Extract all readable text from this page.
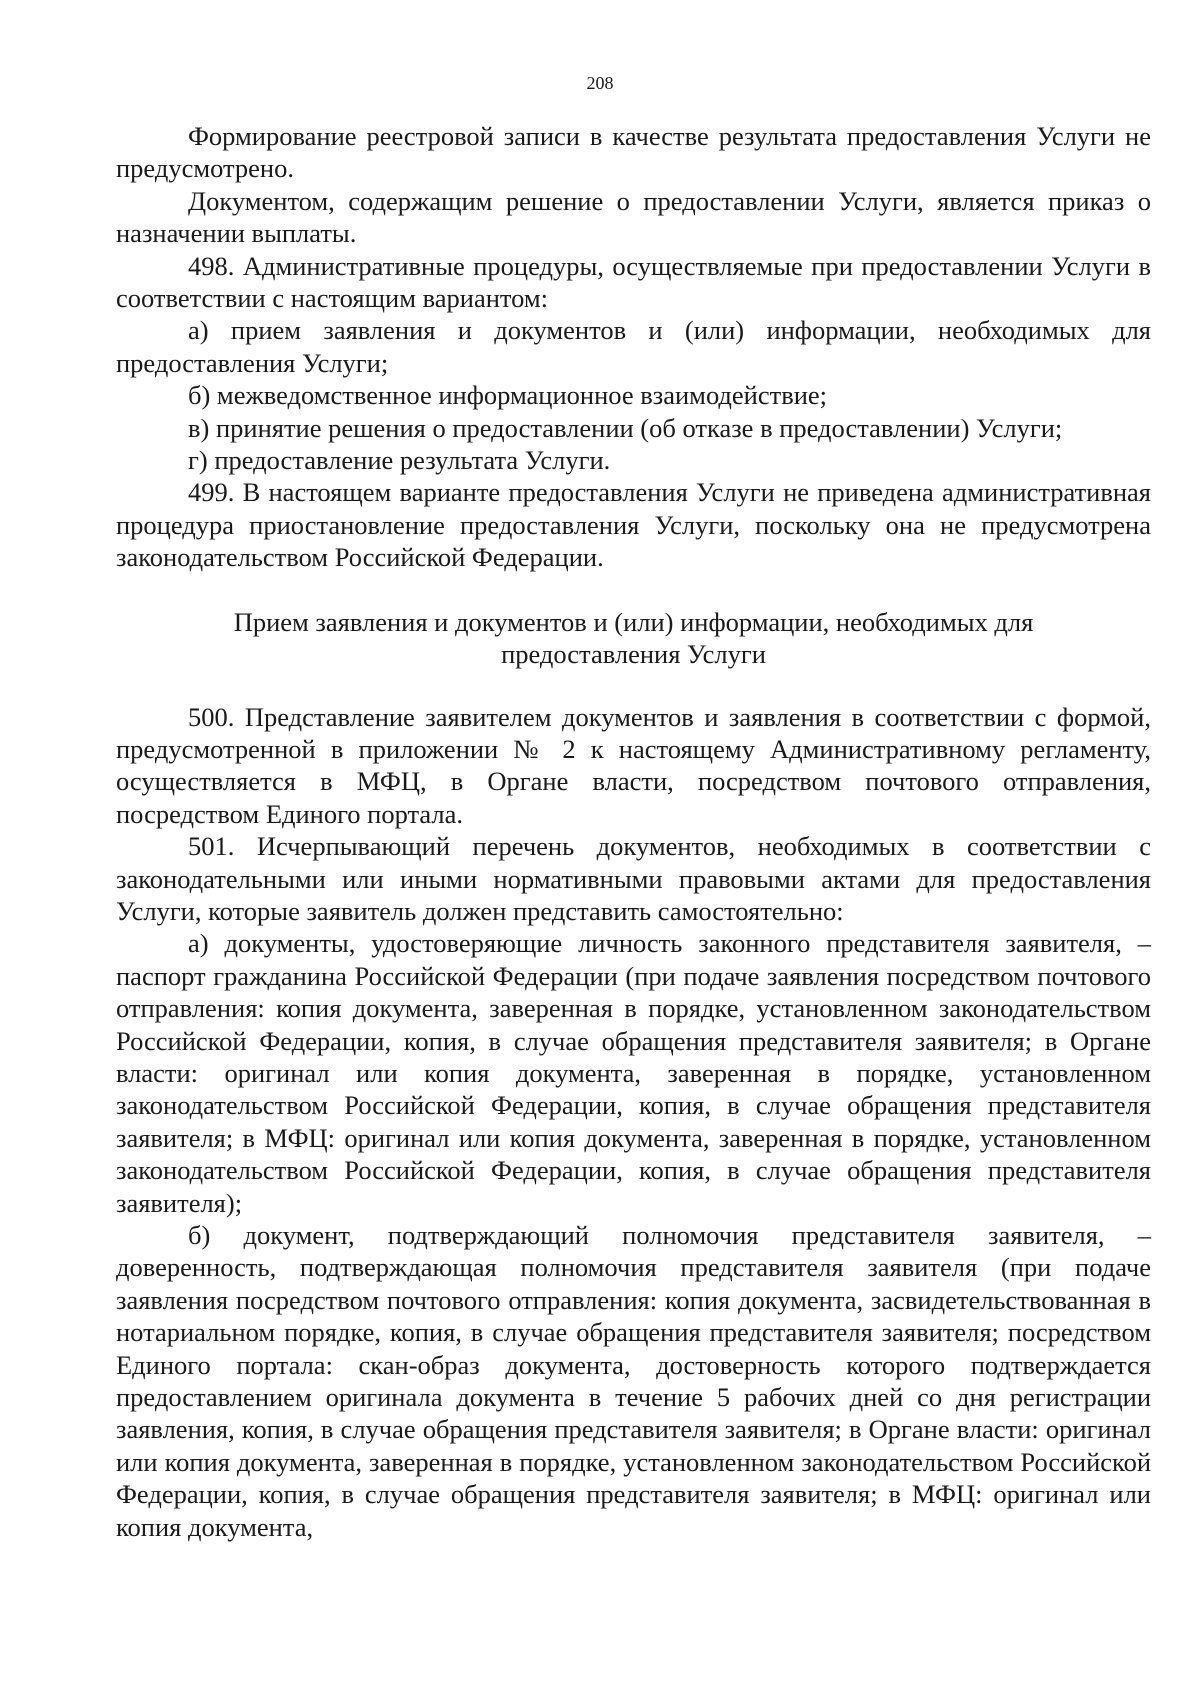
208

Формирование реестровой записи в качестве результата предоставления Услуги не предусмотрено.

Документом, содержащим решение о предоставлении Услуги, является приказ о назначении выплаты.

498. Административные процедуры, осуществляемые при предоставлении Услуги в соответствии с настоящим вариантом:

а) прием заявления и документов и (или) информации, необходимых для предоставления Услуги;

б) межведомственное информационное взаимодействие;

в) принятие решения о предоставлении (об отказе в предоставлении) Услуги;

г) предоставление результата Услуги.

499. В настоящем варианте предоставления Услуги не приведена административная процедура приостановление предоставления Услуги, поскольку она не предусмотрена законодательством Российской Федерации.

Прием заявления и документов и (или) информации, необходимых для предоставления Услуги

500. Представление заявителем документов и заявления в соответствии с формой, предусмотренной в приложении № 2 к настоящему Административному регламенту, осуществляется в МФЦ, в Органе власти, посредством почтового отправления, посредством Единого портала.

501. Исчерпывающий перечень документов, необходимых в соответствии с законодательными или иными нормативными правовыми актами для предоставления Услуги, которые заявитель должен представить самостоятельно:

а) документы, удостоверяющие личность законного представителя заявителя, – паспорт гражданина Российской Федерации (при подаче заявления посредством почтового отправления: копия документа, заверенная в порядке, установленном законодательством Российской Федерации, копия, в случае обращения представителя заявителя; в Органе власти: оригинал или копия документа, заверенная в порядке, установленном законодательством Российской Федерации, копия, в случае обращения представителя заявителя; в МФЦ: оригинал или копия документа, заверенная в порядке, установленном законодательством Российской Федерации, копия, в случае обращения представителя заявителя);

б) документ, подтверждающий полномочия представителя заявителя, – доверенность, подтверждающая полномочия представителя заявителя (при подаче заявления посредством почтового отправления: копия документа, засвидетельствованная в нотариальном порядке, копия, в случае обращения представителя заявителя; посредством Единого портала: скан-образ документа, достоверность которого подтверждается предоставлением оригинала документа в течение 5 рабочих дней со дня регистрации заявления, копия, в случае обращения представителя заявителя; в Органе власти: оригинал или копия документа, заверенная в порядке, установленном законодательством Российской Федерации, копия, в случае обращения представителя заявителя; в МФЦ: оригинал или копия документа,
